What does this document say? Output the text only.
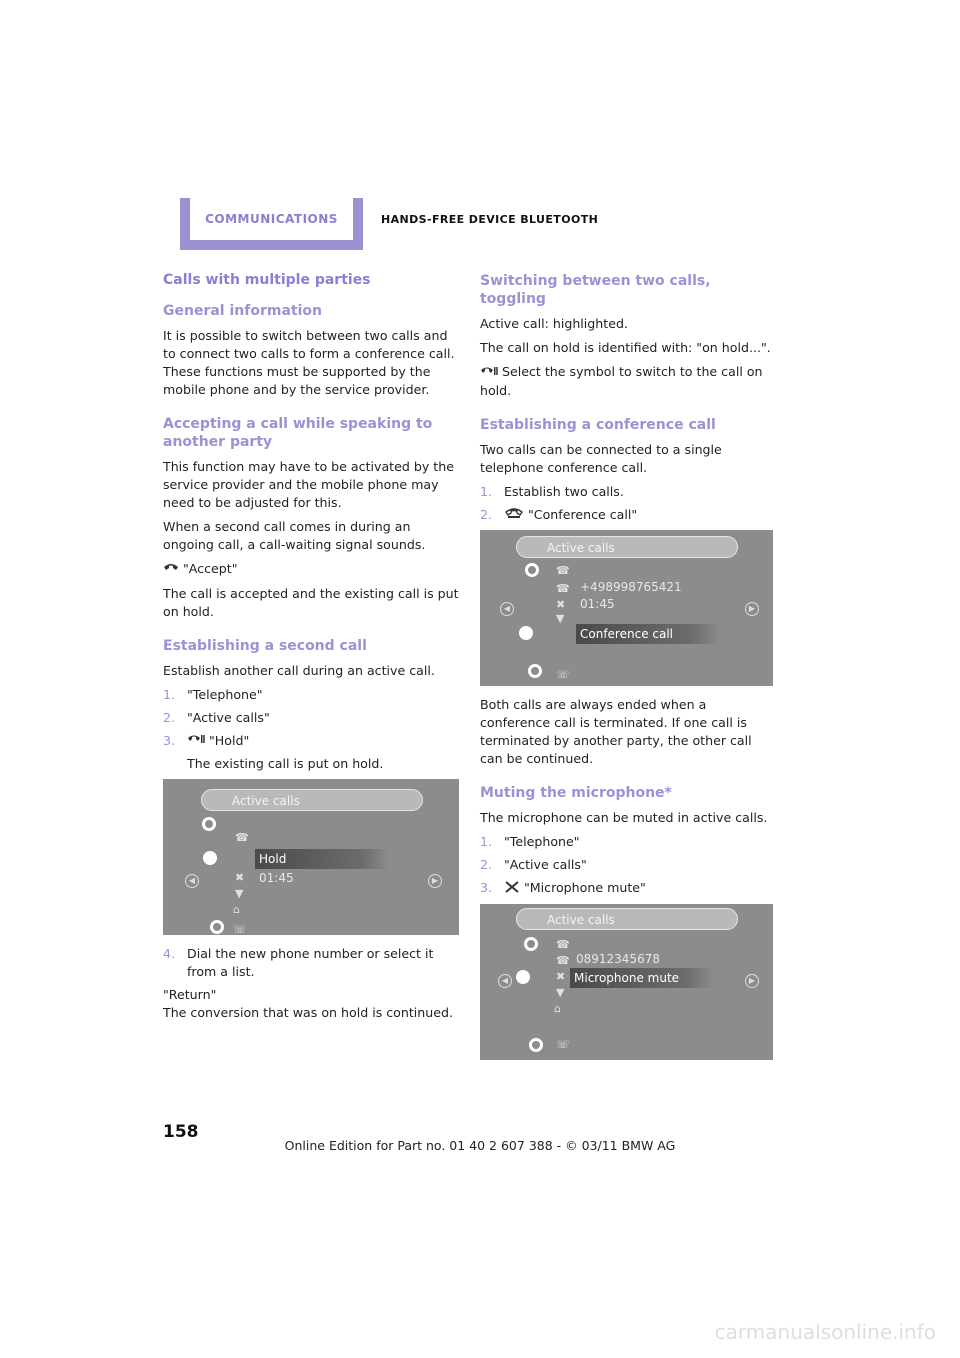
COMMUNICATIONS	HANDS-FREE DEVICE BLUETOOTH
Calls with multiple parties
General information

It is possible to switch between two calls and to connect two calls to form a conference call. These functions must be supported by the mobile phone and by the service provider.

Accepting a call while speaking to another party

This function may have to be activated by the service provider and the mobile phone may need to be adjusted for this.

When a second call comes in during an ongoing call, a call-waiting signal sounds.

"Accept"

The call is accepted and the existing call is put on hold.

Establishing a second call

Establish another call during an active call.

1. "Telephone"
2. "Active calls"
3.	"Hold"
The existing call is put on hold.
Active calls
Hold
01:45
☎
✖
▼
⌂
☏
◀	▶
4. Dial the new phone number or select it from a list.

"Return"

The conversion that was on hold is continued.

Switching between two calls, toggling

Active call: highlighted.

The call on hold is identified with: "on hold...".

Select the symbol to switch to the call on hold.

Establishing a conference call

Two calls can be connected to a single telephone conference call.

1. Establish two calls.
2.	"Conference call"
Active calls
+498998765421
01:45
Conference call
☎
☎
✖
▼
☏
◀	▶

Both calls are always ended when a conference call is terminated. If one call is terminated by another party, the other call can be continued.

Muting the microphone*

The microphone can be muted in active calls.

1. "Telephone"
2. "Active calls"
3.	"Microphone mute"
Active calls
08912345678
Microphone mute
☎
☎
✖
▼
⌂
☏
◀	▶
158
Online Edition for Part no. 01 40 2 607 388 - © 03/11 BMW AG
carmanualsonline.info
